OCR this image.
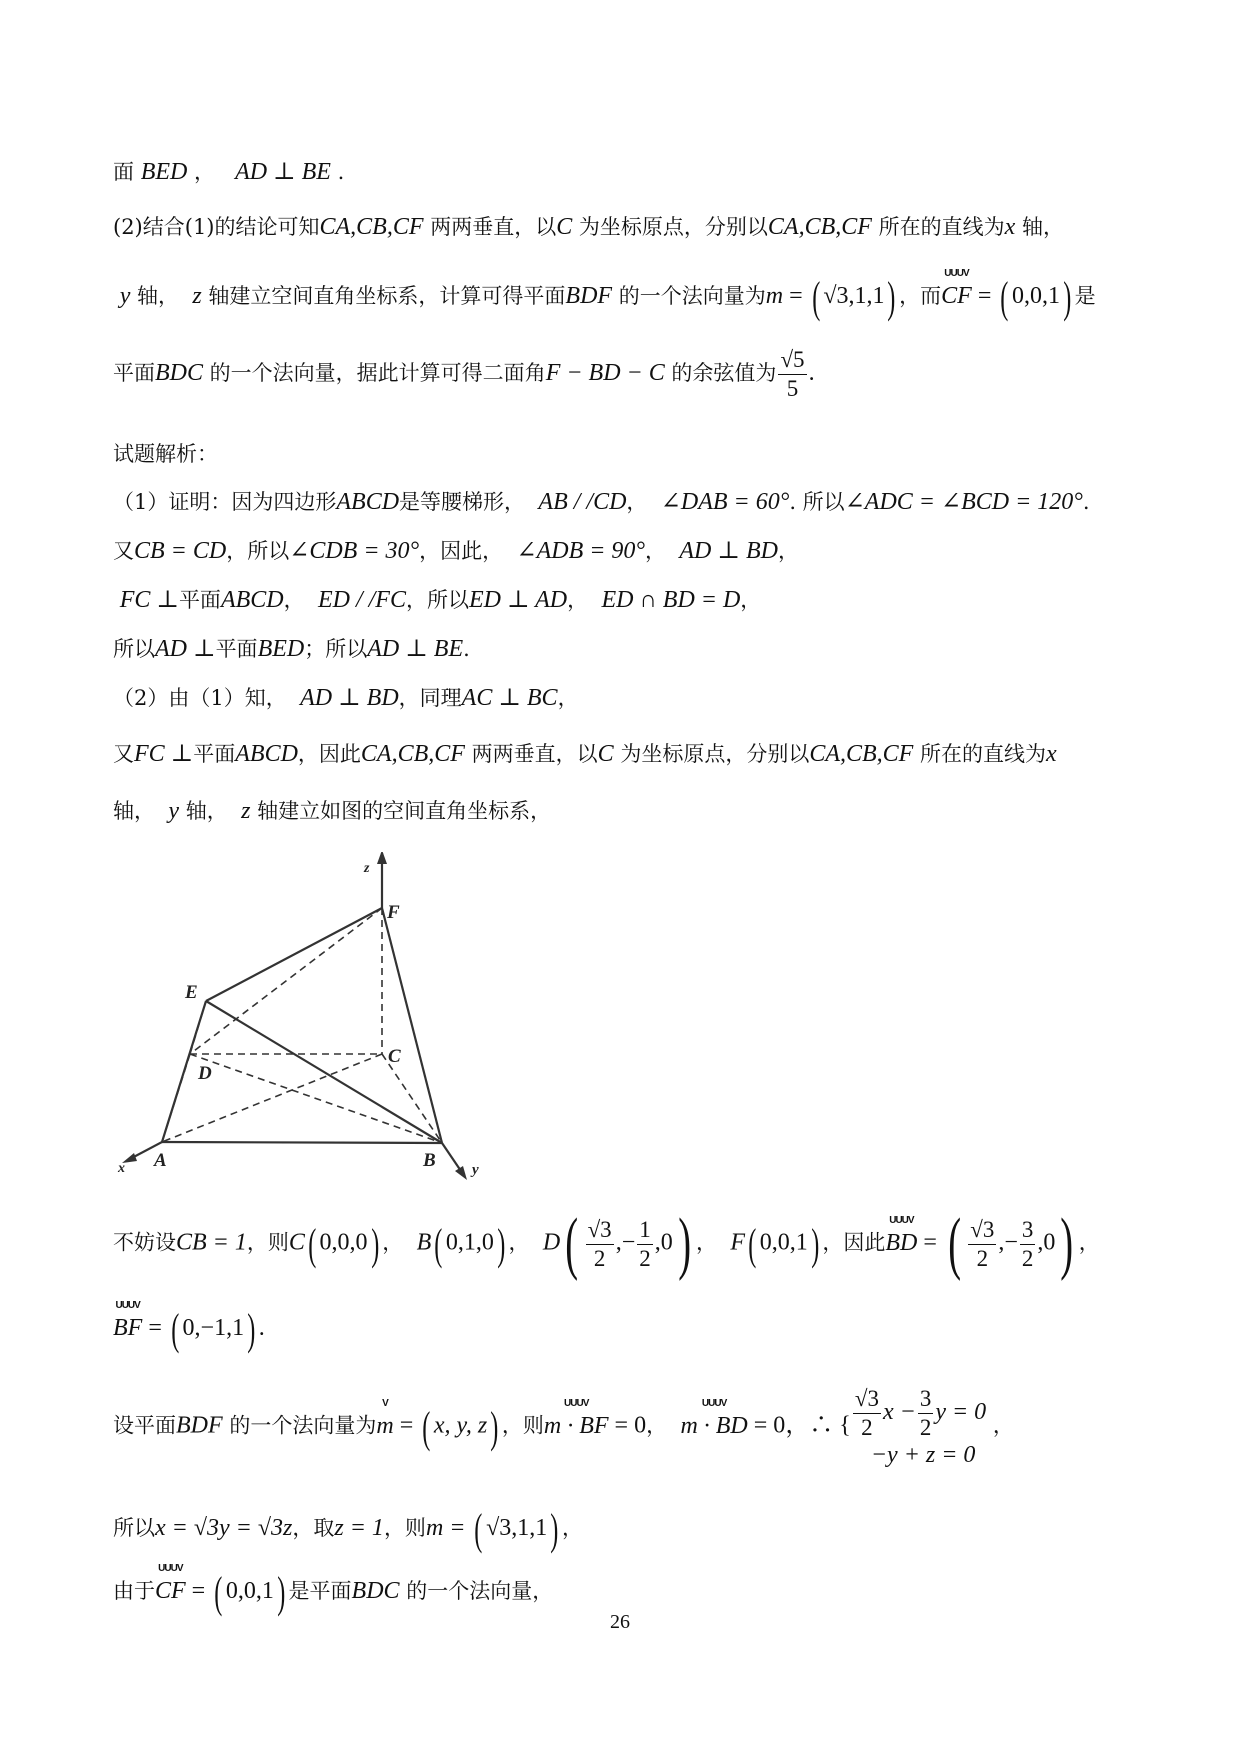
面 BED ， AD ⊥ BE .
(2)结合(1)的结论可知CA,CB,CF 两两垂直，以C 为坐标原点，分别以CA,CB,CF 所在的直线为x 轴，
y 轴， z 轴建立空间直角坐标系，计算可得平面BDF 的一个法向量为m = ( √3,1,1) ，而
UUUV
CF = ( 0,0,1) 是
平面BDC 的一个法向量，据此计算可得二面角F − BD − C 的余弦值为 $\frac{√5}{5}$ .
试题解析：
（1）证明：因为四边形ABCD是等腰梯形， AB / /CD， ∠DAB = 60°. 所以∠ADC = ∠BCD = 120°.
又CB = CD，所以∠CDB = 30°，因此， ∠ADB = 90°， AD ⊥ BD，
FC ⊥平面ABCD， ED / /FC，所以ED ⊥ AD， ED ∩ BD = D，
所以AD ⊥平面BED；所以AD ⊥ BE.
（2）由（1）知， AD ⊥ BD，同理AC ⊥ BC，
又FC ⊥平面ABCD，因此CA,CB,CF 两两垂直，以C 为坐标原点，分别以CA,CB,CF 所在的直线为x
轴， y 轴， z 轴建立如图的空间直角坐标系，
z
F
E
C
D
A	B
x	y
不妨设CB = 1，则C( 0,0,0) ， B( 0,1,0) ， $D( \frac{√3}{2}$ ,− $\frac{1}{2} ,0$) ， F( 0,0,1) ，因此
UUUV
BD = ( $\frac{√3}{2}$ ,− $\frac{3}{2} ,0$) ，
UUUV
BF = ( 0,−1,1) .
设平面BDF 的一个法向量为
V
m = ( x, y, z) ，则
UUUV
m · BF = 0，
UUUV
m · BD = 0，∴ { $\frac{√3}{2}$ $x - \frac{3}{2}$ y = 0
−y + z = 0
，
所以x = √3y = √3z，取z = 1，则m = ( √3,1,1) ，
由于
UUUV
CF = ( 0,0,1) 是平面BDC 的一个法向量，
26
